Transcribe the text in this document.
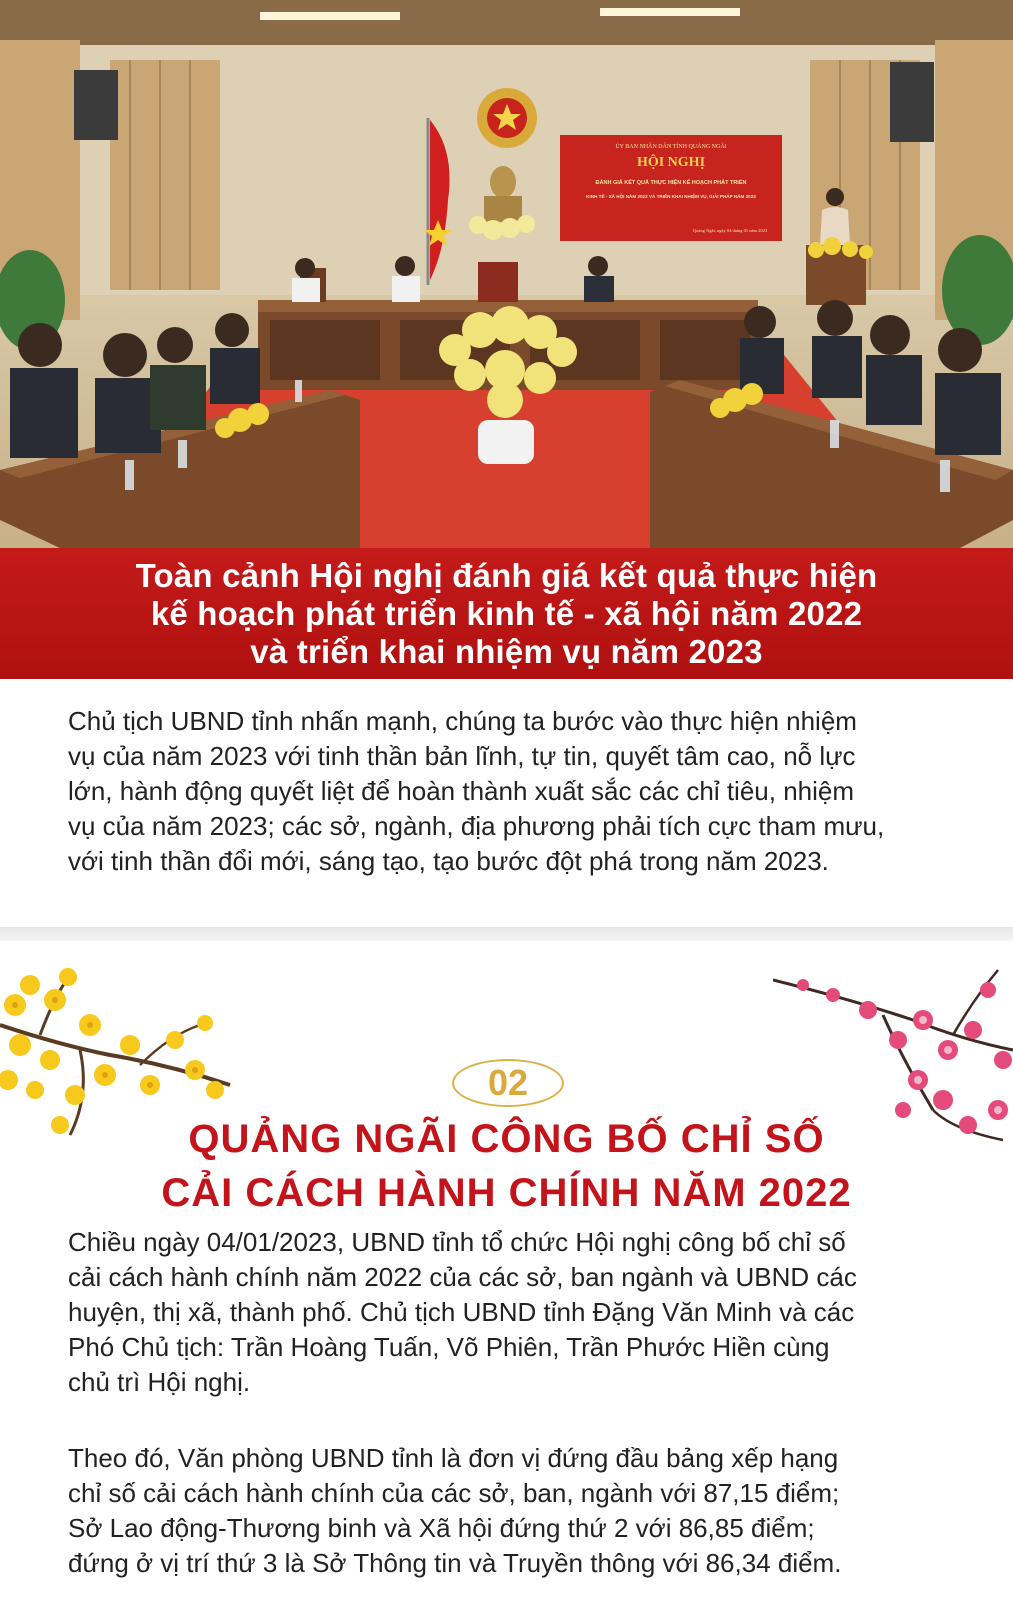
ỦY BAN NHÂN DÂN TỈNH QUẢNG NGÃI
HỘI NGHỊ
ĐÁNH GIÁ KẾT QUẢ THỰC HIỆN KẾ HOẠCH PHÁT TRIỂN
KINH TẾ - XÃ HỘI NĂM 2022 VÀ TRIỂN KHAI NHIỆM VỤ, GIẢI PHÁP NĂM 2023
Quảng Ngãi, ngày 04 tháng 01 năm 2023
Toàn cảnh Hội nghị đánh giá kết quả thực hiện
kế hoạch phát triển kinh tế - xã hội năm 2022
và triển khai nhiệm vụ năm 2023
Chủ tịch UBND tỉnh nhấn mạnh, chúng ta bước vào thực hiện nhiệm
vụ của năm 2023 với tinh thần bản lĩnh, tự tin, quyết tâm cao, nỗ lực
lớn, hành động quyết liệt để hoàn thành xuất sắc các chỉ tiêu, nhiệm
vụ của năm 2023; các sở, ngành, địa phương phải tích cực tham mưu,
với tinh thần đổi mới, sáng tạo, tạo bước đột phá trong năm 2023.
02
QUẢNG NGÃI CÔNG BỐ CHỈ SỐ
CẢI CÁCH HÀNH CHÍNH NĂM 2022
Chiều ngày 04/01/2023, UBND tỉnh tổ chức Hội nghị công bố chỉ số
cải cách hành chính năm 2022 của các sở, ban ngành và UBND các
huyện, thị xã, thành phố. Chủ tịch UBND tỉnh Đặng Văn Minh và các
Phó Chủ tịch: Trần Hoàng Tuấn, Võ Phiên, Trần Phước Hiền cùng
chủ trì Hội nghị.
Theo đó, Văn phòng UBND tỉnh là đơn vị đứng đầu bảng xếp hạng
chỉ số cải cách hành chính của các sở, ban, ngành với 87,15 điểm;
Sở Lao động-Thương binh và Xã hội đứng thứ 2 với 86,85 điểm;
đứng ở vị trí thứ 3 là Sở Thông tin và Truyền thông với 86,34 điểm.
